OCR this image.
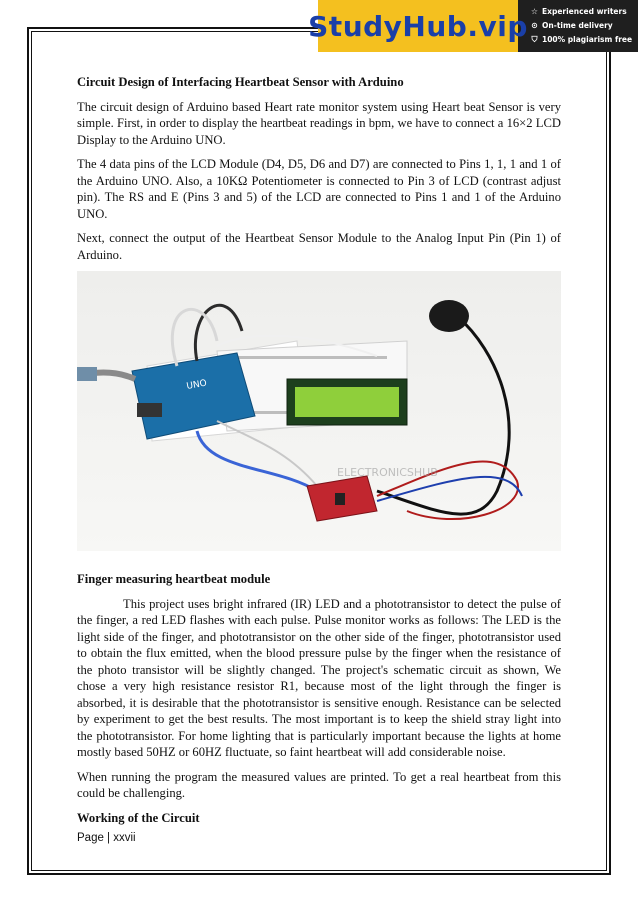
StudyHub.vip ☆ Experienced writers
⊙ On-time delivery
⛉ 100% plagiarism free
Circuit Design of Interfacing Heartbeat Sensor with Arduino

The circuit design of Arduino based Heart rate monitor system using Heart beat Sensor is very simple. First, in order to display the heartbeat readings in bpm, we have to connect a 16×2 LCD Display to the Arduino UNO.

The 4 data pins of the LCD Module (D4, D5, D6 and D7) are connected to Pins 1, 1, 1 and 1 of the Arduino UNO. Also, a 10KΩ Potentiometer is connected to Pin 3 of LCD (contrast adjust pin). The RS and E (Pins 3 and 5) of the LCD are connected to Pins 1 and 1 of the Arduino UNO.

Next, connect the output of the Heartbeat Sensor Module to the Analog Input Pin (Pin 1) of Arduino.

UNO
ELECTRONICSHUB
Finger measuring heartbeat module

This project uses bright infrared (IR) LED and a phototransistor to detect the pulse of the finger, a red LED flashes with each pulse. Pulse monitor works as follows: The LED is the light side of the finger, and phototransistor on the other side of the finger, phototransistor used to obtain the flux emitted, when the blood pressure pulse by the finger when the resistance of the photo transistor will be slightly changed. The project's schematic circuit as shown, We chose a very high resistance resistor R1, because most of the light through the finger is absorbed, it is desirable that the phototransistor is sensitive enough. Resistance can be selected by experiment to get the best results. The most important is to keep the shield stray light into the phototransistor. For home lighting that is particularly important because the lights at home mostly based 50HZ or 60HZ fluctuate, so faint heartbeat will add considerable noise.

When running the program the measured values are printed. To get a real heartbeat from this could be challenging.

Working of the Circuit
Page | xxvii
